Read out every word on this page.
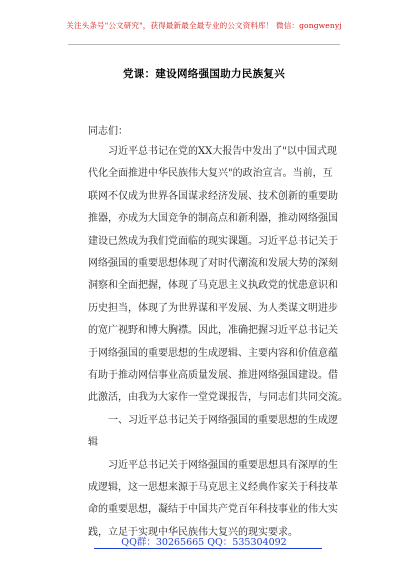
关注头条号"公文研究"，获得最新最全最专业的公文资料库！ 微信：gongwenyj
党课：建设网络强国助力民族复兴
同志们：
习近平总书记在党的XX大报告中发出了"以中国式现
代化全面推进中华民族伟大复兴"的政治宣言。当前，互
联网不仅成为世界各国谋求经济发展、技术创新的重要助
推器，亦成为大国竞争的制高点和新利器，推动网络强国
建设已然成为我们党面临的现实课题。习近平总书记关于
网络强国的重要思想体现了对时代潮流和发展大势的深刻
洞察和全面把握，体现了马克思主义执政党的忧患意识和
历史担当，体现了为世界谋和平发展、为人类谋文明进步
的宽广视野和博大胸襟。因此，准确把握习近平总书记关
于网络强国的重要思想的生成逻辑、主要内容和价值意蕴
有助于推动网信事业高质量发展、推进网络强国建设。借
此激活，由我为大家作一堂党课报告，与同志们共同交流。
一、习近平总书记关于网络强国的重要思想的生成逻
辑
习近平总书记关于网络强国的重要思想具有深厚的生
成逻辑，这一思想来源于马克思主义经典作家关于科技革
命的重要思想，凝结于中国共产党百年科技事业的伟大实
践，立足于实现中华民族伟大复兴的现实要求。
QQ群：30265665 QQ：535304092
